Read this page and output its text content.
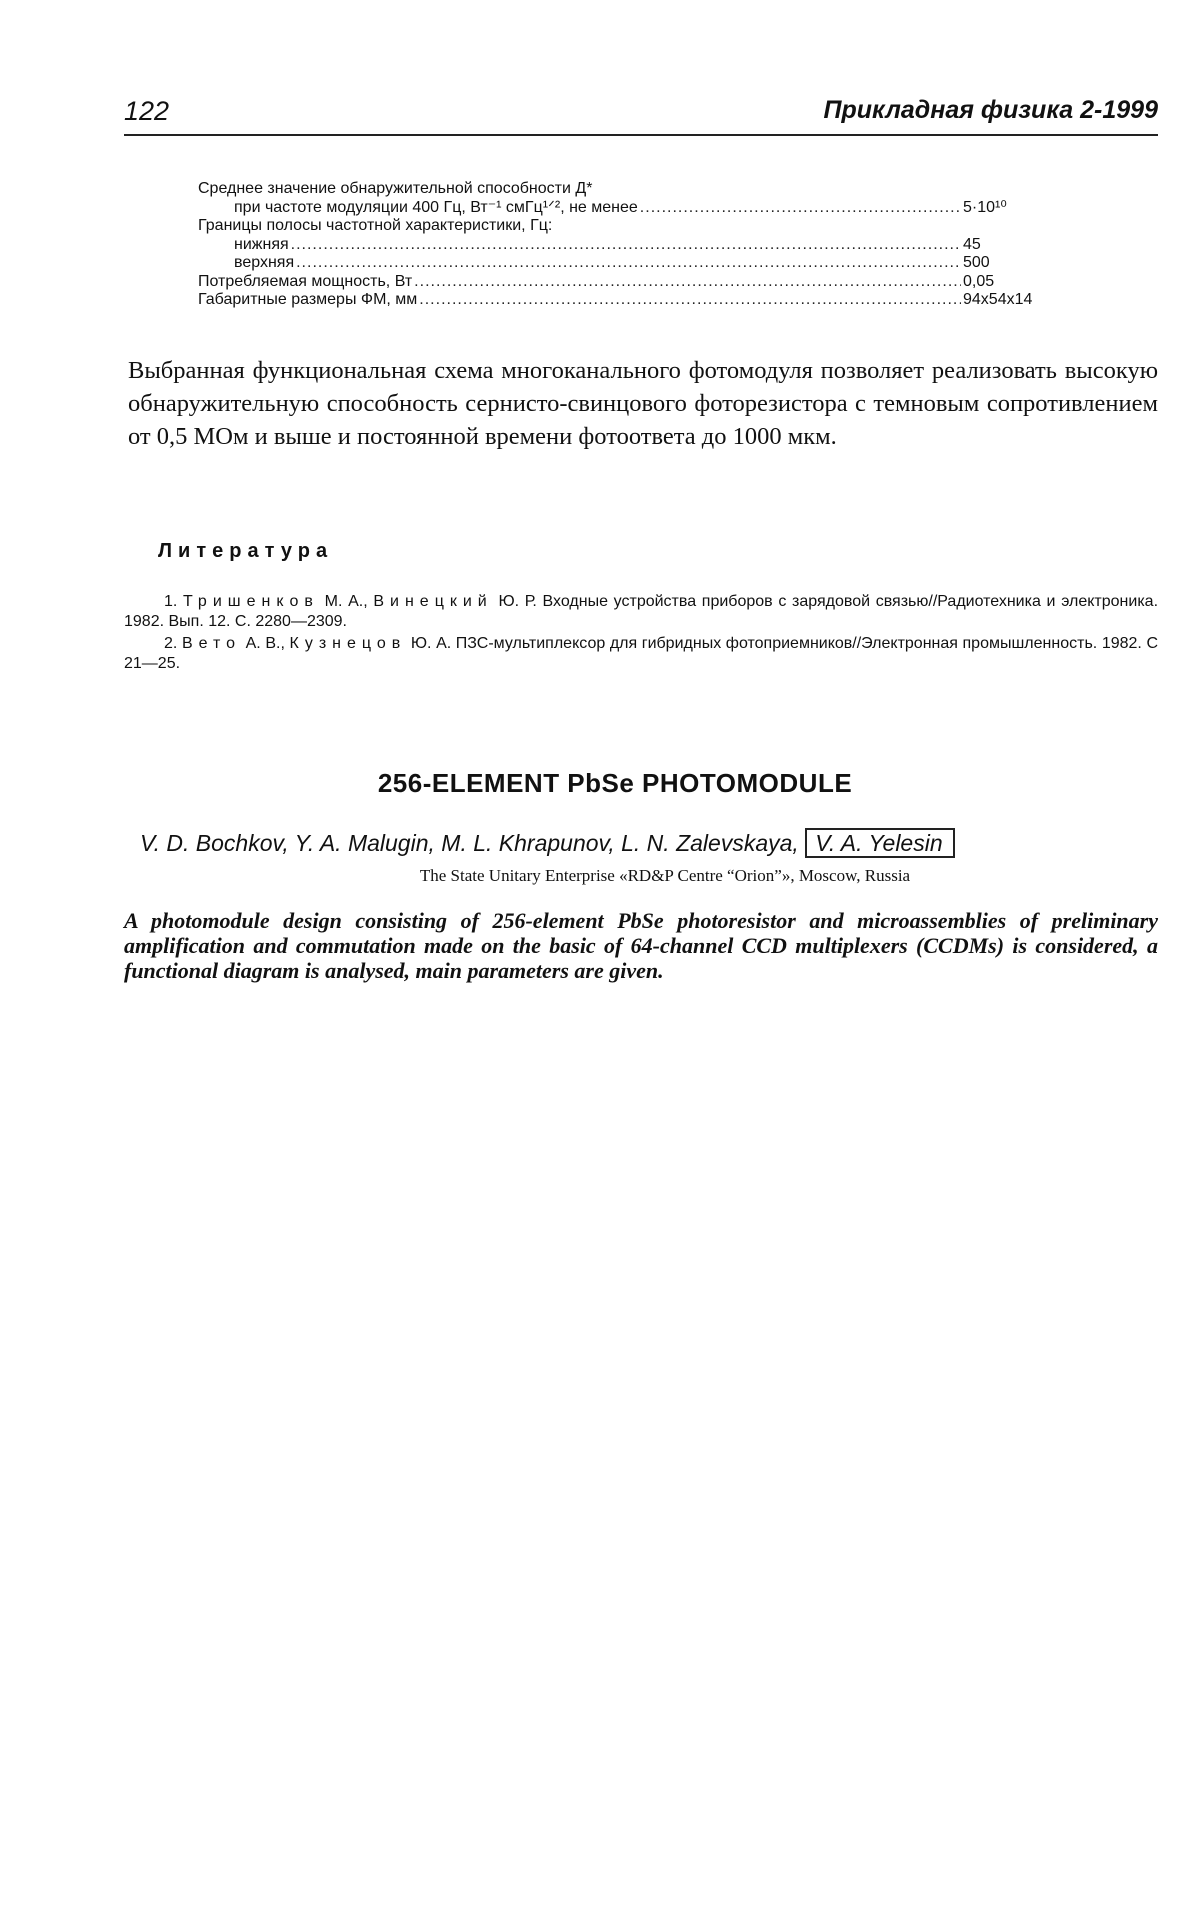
122	Прикладная физика 2-1999
Среднее значение обнаружительной способности Д*
при частоте модуляции 400 Гц, Вт⁻¹ смГц¹ᐟ², не менее .....	5·10¹⁰
Границы полосы частотной характеристики, Гц:
нижняя .....	45
верхняя .....	500
Потребляемая мощность, Вт .....	0,05
Габаритные размеры ФМ, мм .....	94x54x14

Выбранная функциональная схема многоканального фотомодуля позволяет реализовать высокую обнаружительную способность сернисто-свинцового фоторезистора с темновым сопротивлением от 0,5 МОм и выше и постоянной времени фотоответа до 1000 мкм.

Литература
1. Тришенков М. А., Винецкий Ю. Р. Входные устройства приборов с зарядовой связью//Радиотехника и электроника. 1982. Вып. 12. С. 2280—2309.
2. Вето А. В., Кузнецов Ю. А. ПЗС-мультиплексор для гибридных фотоприемников//Электронная промышленность. 1982. С 21—25.
256-ELEMENT PbSe PHOTOMODULE
V. D. Bochkov, Y. A. Malugin, M. L. Khrapunov, L. N. Zalevskaya, V. A. Yelesin
The State Unitary Enterprise «RD&P Centre “Orion”», Moscow, Russia

A photomodule design consisting of 256-element PbSe photoresistor and microassemblies of preliminary amplification and commutation made on the basic of 64-channel CCD multiplexers (CCDMs) is considered, a functional diagram is analysed, main parameters are given.
